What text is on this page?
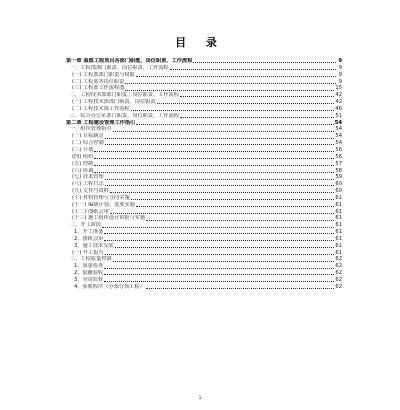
目 录
第一章 鉴图工程项目各部门职能、岗位职责、工作流程	9
一、工程部部门职责、岗位职责、工作流程	9
(一) 工程部部门职责与权限	9
(二) 工程部各岗位职责	9
(三) 工程部工作流程图	15
二、工程技术部部门职责、岗位职责、工作流程	42
(一) 工程技术部部门职责、岗位职责	42
(二) 工程技术部工作流程	46
三、综合办公室部门职责、岗位职责、工作流程	51
第二章 工程建设管理工作指引	54
一、组织管理指引	54
(一) 目标制定	54
(二) 综合控制	54
(三) 计划	56
(四) 组织	56
(五) 控制	57
(六) 协调	58
(七) 技术管理	59
(八) 工程日志	60
(九) 文件与资料	60
(十) 材料管理与合同实施	61
(十一) 编制计划、进度实施	61
(十二) 图纸会审	61
(十三) 施工组织设计审批与实施	61
二、开工阶段	61
1、开工准备	61
2、图纸会审	61
3、施工技术交底	61
(一) 开工报告	61
三、工程质量控制	62
1、质量检查	62
2、隐蔽验收	62
3、旁站监督	62
4、验收程序（分部分项工程）	62
1
